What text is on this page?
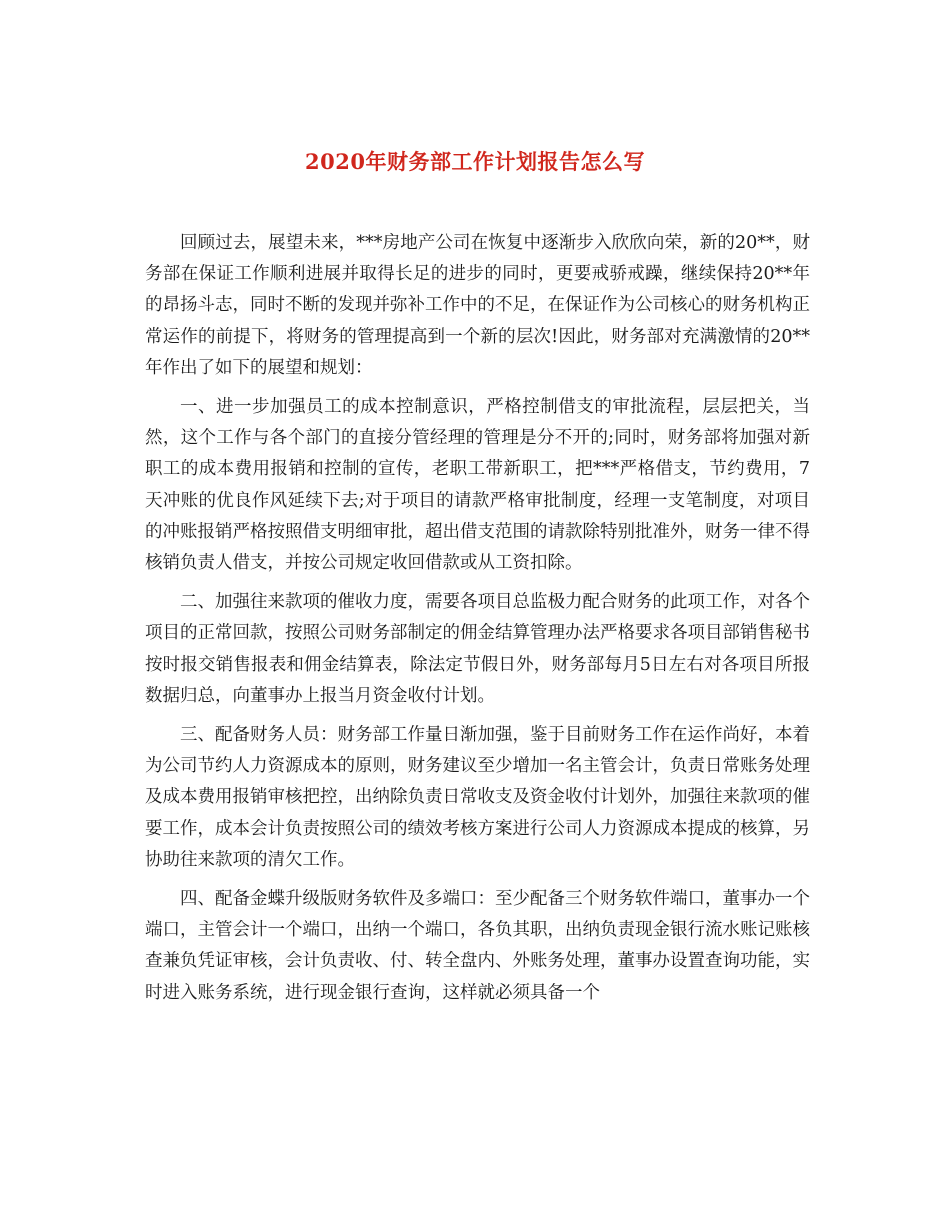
2020年财务部工作计划报告怎么写

回顾过去，展望未来，***房地产公司在恢复中逐渐步入欣欣向荣，新的20**，财务部在保证工作顺利进展并取得长足的进步的同时，更要戒骄戒躁，继续保持20**年的昂扬斗志，同时不断的发现并弥补工作中的不足，在保证作为公司核心的财务机构正常运作的前提下，将财务的管理提高到一个新的层次!因此，财务部对充满激情的20**年作出了如下的展望和规划：

一、进一步加强员工的成本控制意识，严格控制借支的审批流程，层层把关，当然，这个工作与各个部门的直接分管经理的管理是分不开的;同时，财务部将加强对新职工的成本费用报销和控制的宣传，老职工带新职工，把***严格借支，节约费用，7天冲账的优良作风延续下去;对于项目的请款严格审批制度，经理一支笔制度，对项目的冲账报销严格按照借支明细审批，超出借支范围的请款除特别批准外，财务一律不得核销负责人借支，并按公司规定收回借款或从工资扣除。

二、加强往来款项的催收力度，需要各项目总监极力配合财务的此项工作，对各个项目的正常回款，按照公司财务部制定的佣金结算管理办法严格要求各项目部销售秘书按时报交销售报表和佣金结算表，除法定节假日外，财务部每月5日左右对各项目所报数据归总，向董事办上报当月资金收付计划。

三、配备财务人员：财务部工作量日渐加强，鉴于目前财务工作在运作尚好，本着为公司节约人力资源成本的原则，财务建议至少增加一名主管会计，负责日常账务处理及成本费用报销审核把控，出纳除负责日常收支及资金收付计划外，加强往来款项的催要工作，成本会计负责按照公司的绩效考核方案进行公司人力资源成本提成的核算，另协助往来款项的清欠工作。

四、配备金蝶升级版财务软件及多端口：至少配备三个财务软件端口，董事办一个端口，主管会计一个端口，出纳一个端口，各负其职，出纳负责现金银行流水账记账核查兼负凭证审核，会计负责收、付、转全盘内、外账务处理，董事办设置查询功能，实时进入账务系统，进行现金银行查询，这样就必须具备一个
